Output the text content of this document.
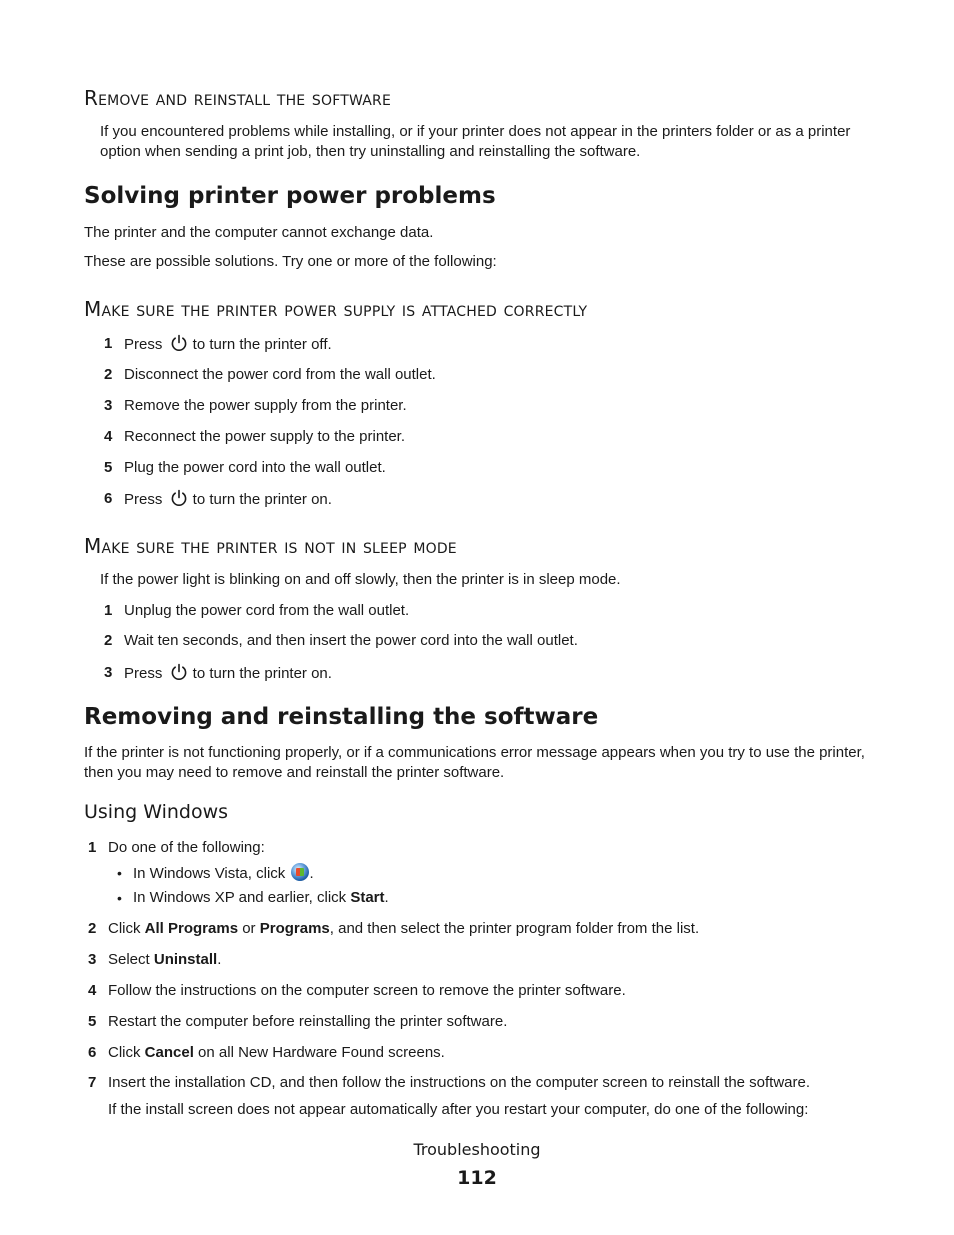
Remove and reinstall the software
If you encountered problems while installing, or if your printer does not appear in the printers folder or as a printer option when sending a print job, then try uninstalling and reinstalling the software.
Solving printer power problems
The printer and the computer cannot exchange data.
These are possible solutions. Try one or more of the following:
Make sure the printer power supply is attached correctly
1 Press  to turn the printer off.
2 Disconnect the power cord from the wall outlet.
3 Remove the power supply from the printer.
4 Reconnect the power supply to the printer.
5 Plug the power cord into the wall outlet.
6 Press  to turn the printer on.
Make sure the printer is not in sleep mode
If the power light is blinking on and off slowly, then the printer is in sleep mode.
1 Unplug the power cord from the wall outlet.
2 Wait ten seconds, and then insert the power cord into the wall outlet.
3 Press  to turn the printer on.
Removing and reinstalling the software
If the printer is not functioning properly, or if a communications error message appears when you try to use the printer, then you may need to remove and reinstall the printer software.
Using Windows
1 Do one of the following:
• In Windows Vista, click .
• In Windows XP and earlier, click Start.
2 Click All Programs or Programs, and then select the printer program folder from the list.
3 Select Uninstall.
4 Follow the instructions on the computer screen to remove the printer software.
5 Restart the computer before reinstalling the printer software.
6 Click Cancel on all New Hardware Found screens.
7 Insert the installation CD, and then follow the instructions on the computer screen to reinstall the software.
If the install screen does not appear automatically after you restart your computer, do one of the following:
Troubleshooting
112
